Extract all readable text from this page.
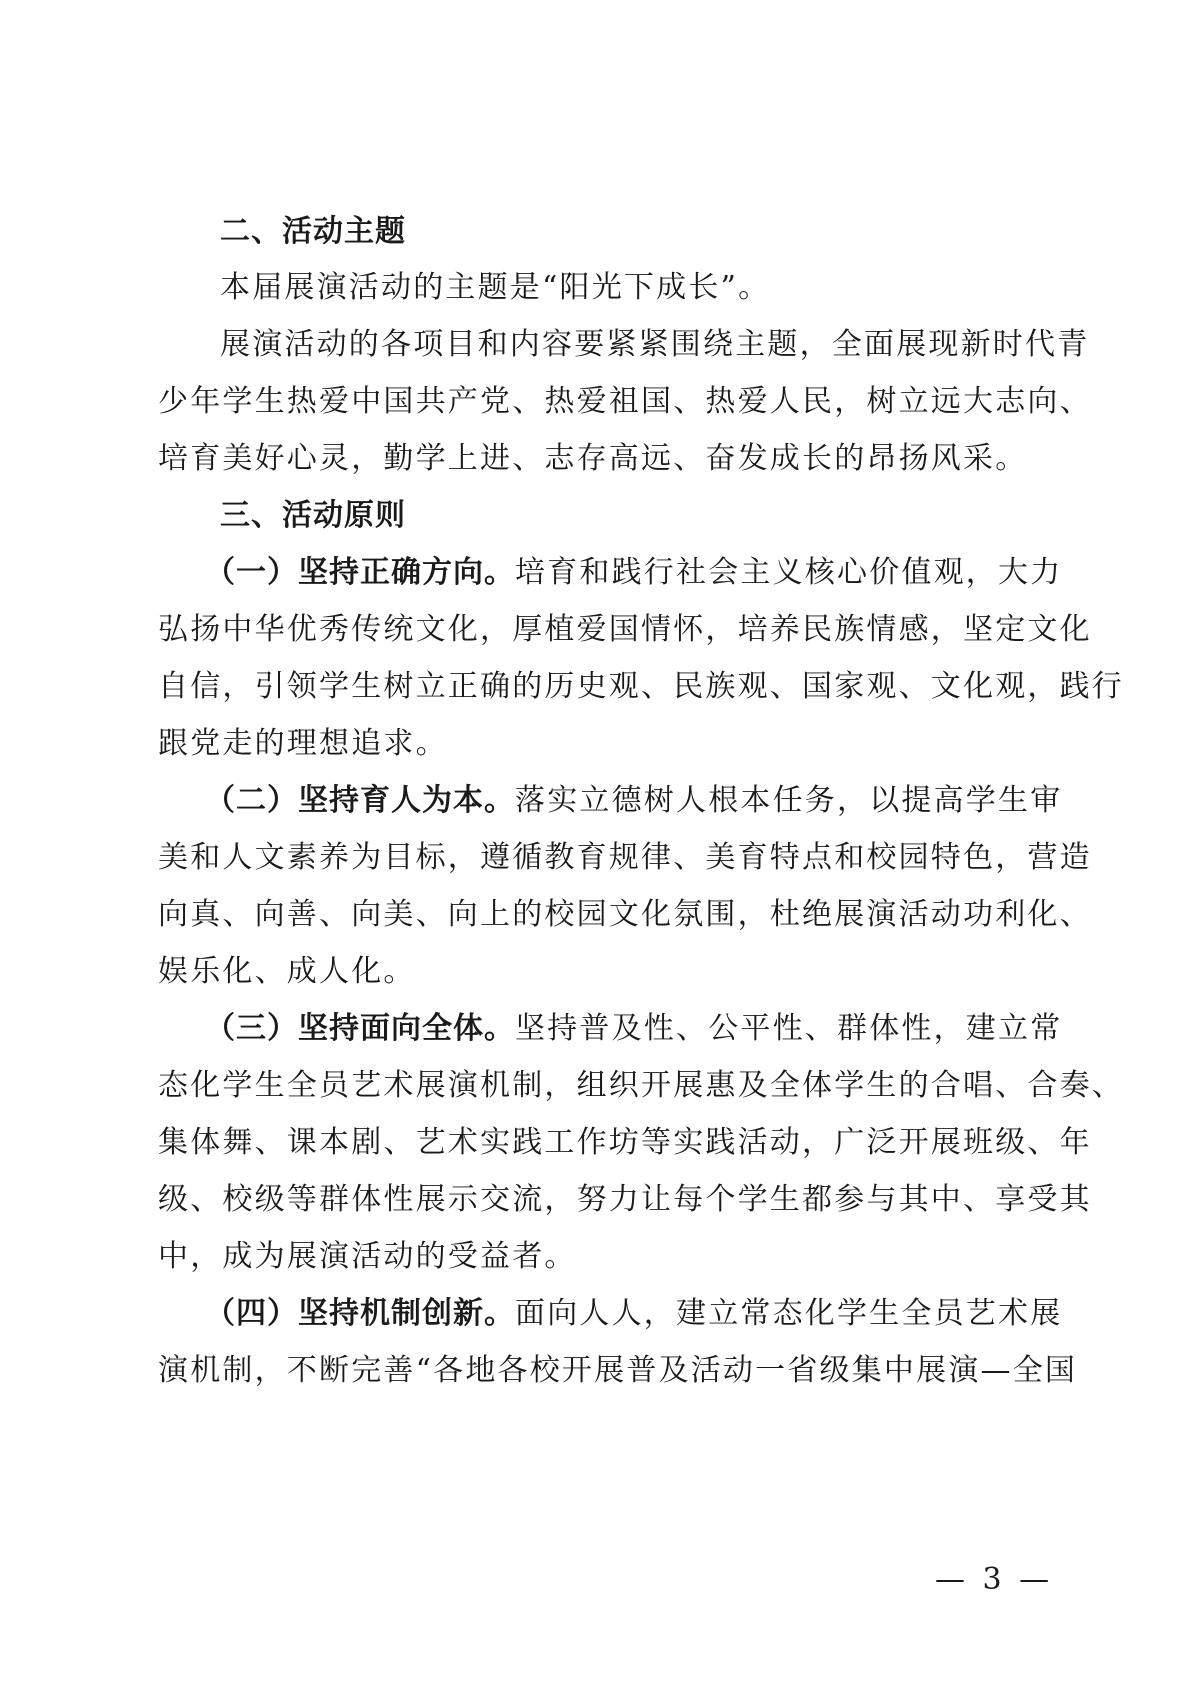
二、活动主题
本届展演活动的主题是“阳光下成长”。
展演活动的各项目和内容要紧紧围绕主题，全面展现新时代青
少年学生热爱中国共产党、热爱祖国、热爱人民，树立远大志向、
培育美好心灵，勤学上进、志存高远、奋发成长的昂扬风采。
三、活动原则
（一）坚持正确方向。培育和践行社会主义核心价值观，大力
弘扬中华优秀传统文化，厚植爱国情怀，培养民族情感，坚定文化
自信，引领学生树立正确的历史观、民族观、国家观、文化观，践行
跟党走的理想追求。
（二）坚持育人为本。落实立德树人根本任务，以提高学生审
美和人文素养为目标，遵循教育规律、美育特点和校园特色，营造
向真、向善、向美、向上的校园文化氛围，杜绝展演活动功利化、
娱乐化、成人化。
（三）坚持面向全体。坚持普及性、公平性、群体性，建立常
态化学生全员艺术展演机制，组织开展惠及全体学生的合唱、合奏、
集体舞、课本剧、艺术实践工作坊等实践活动，广泛开展班级、年
级、校级等群体性展示交流，努力让每个学生都参与其中、享受其
中，成为展演活动的受益者。
（四）坚持机制创新。面向人人，建立常态化学生全员艺术展
演机制，不断完善“各地各校开展普及活动一省级集中展演—全国
— 3 —
